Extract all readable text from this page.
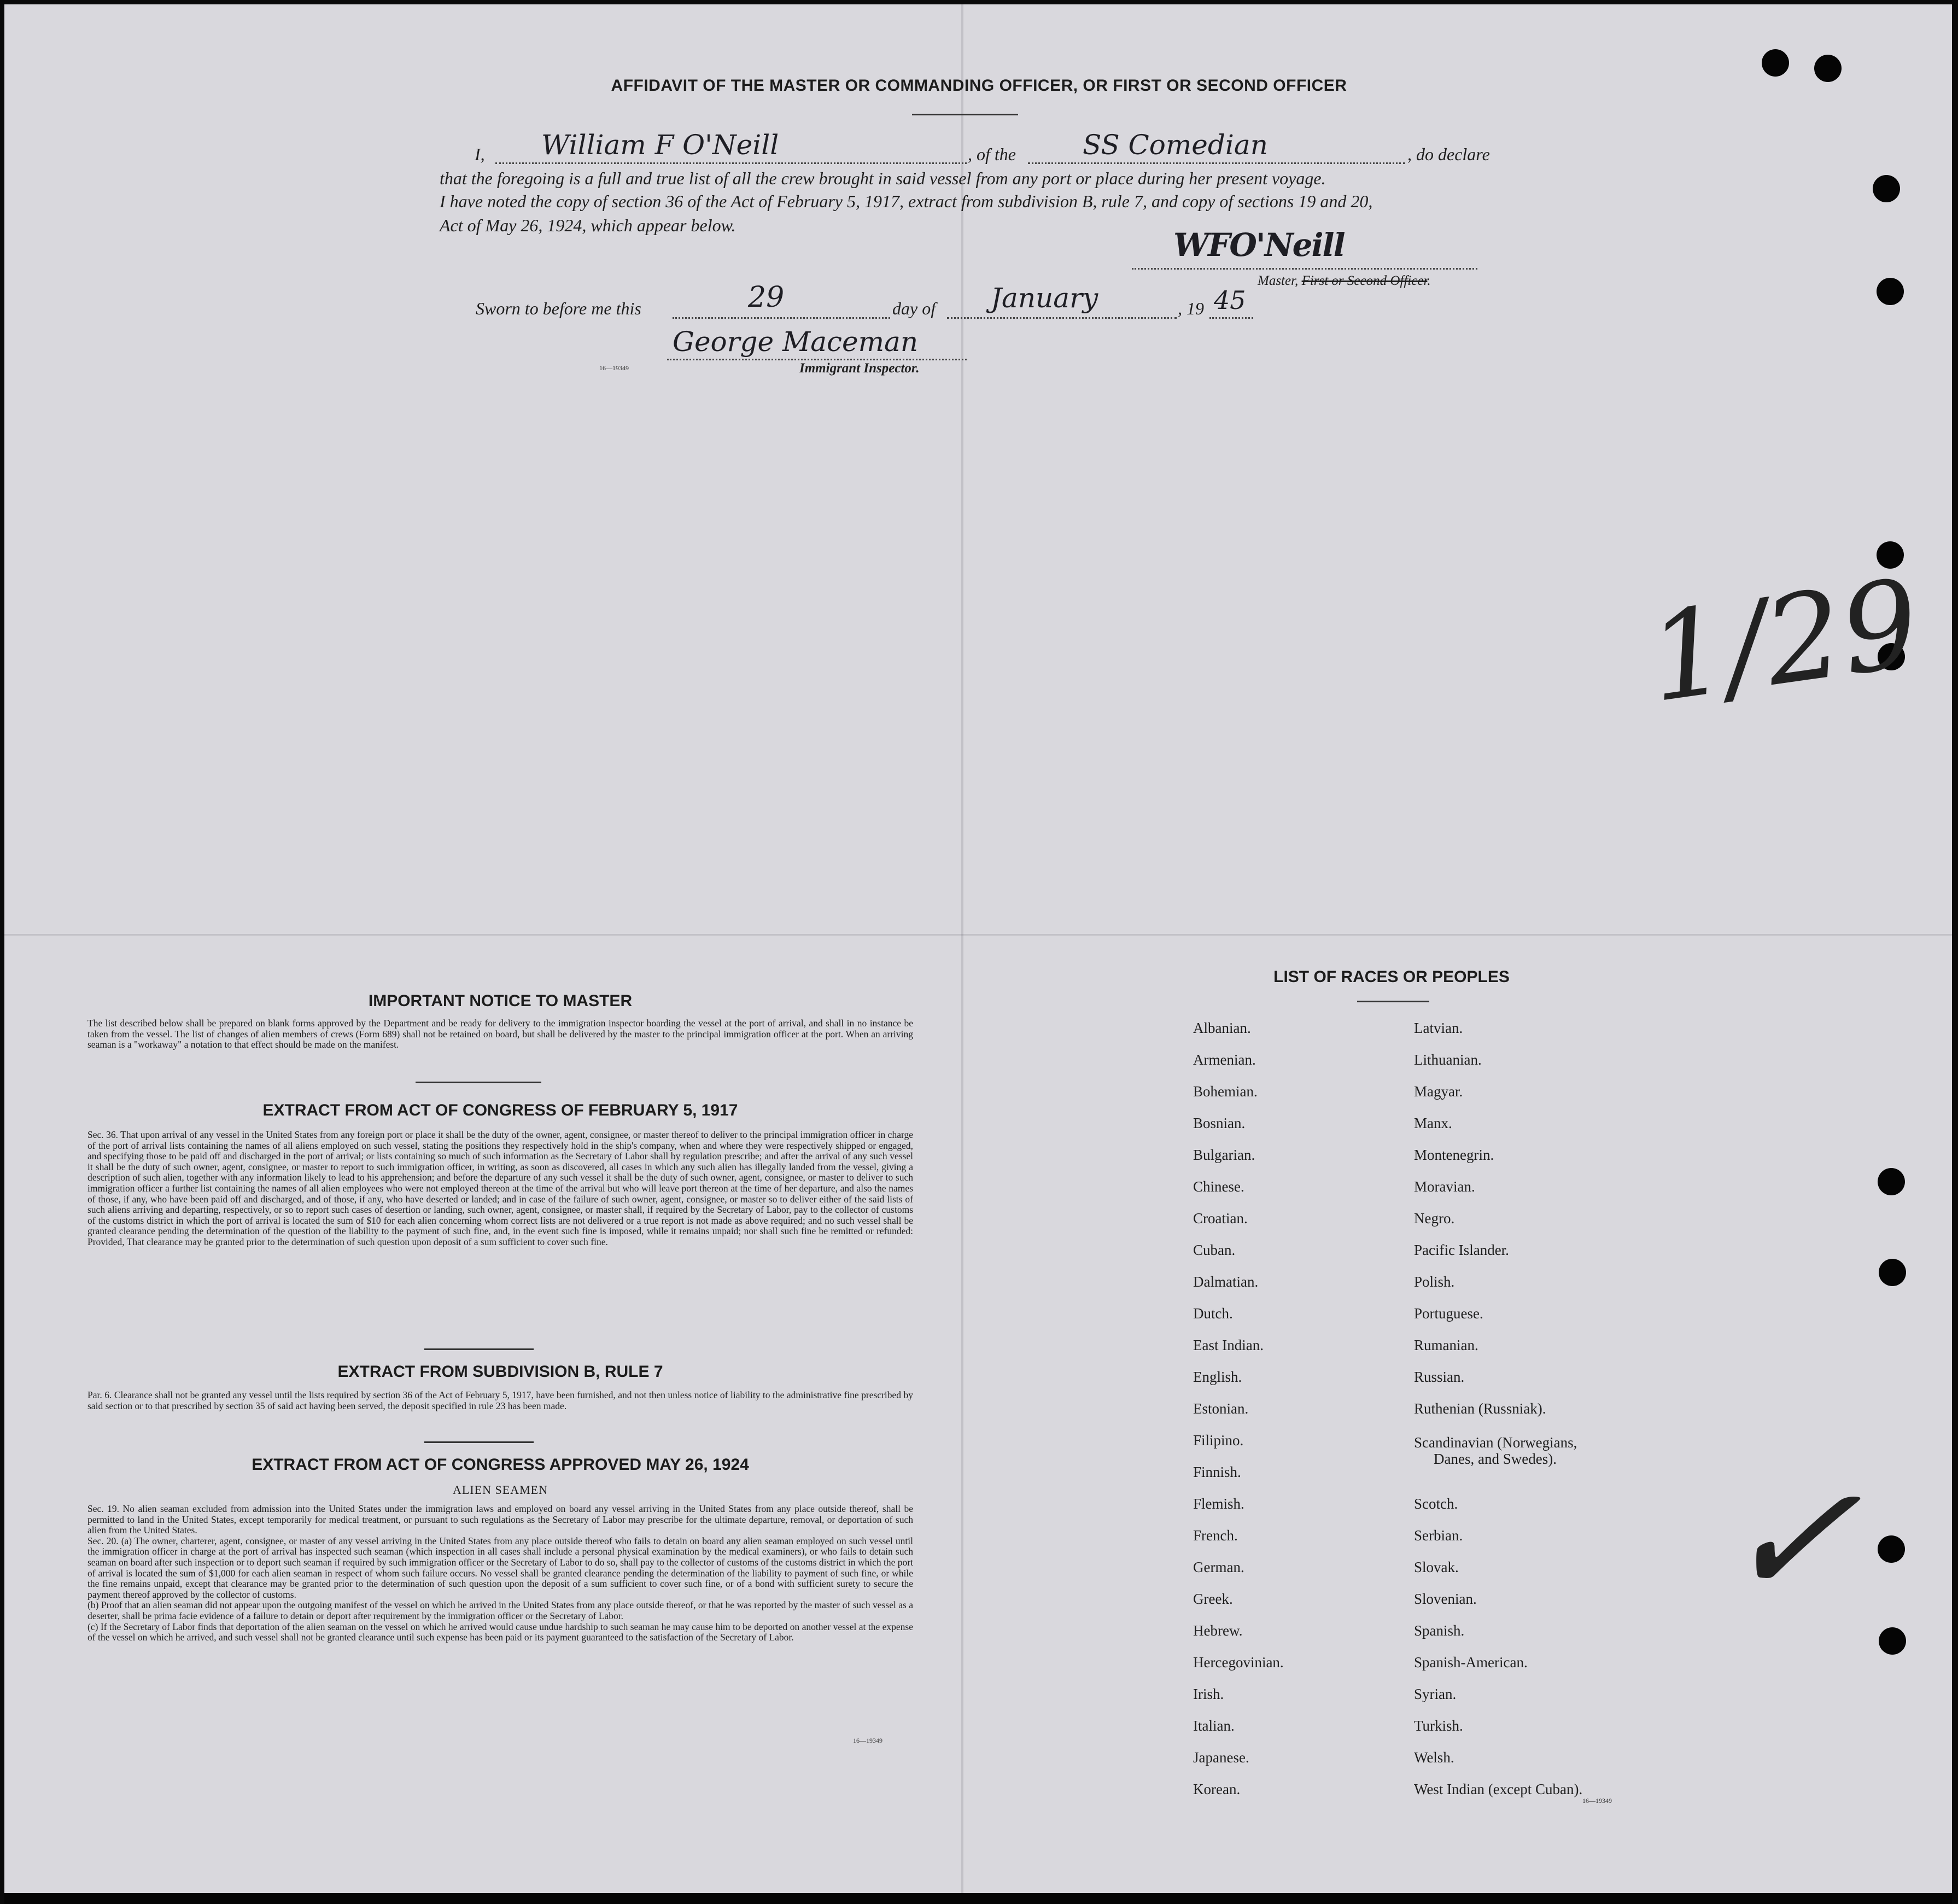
AFFIDAVIT OF THE MASTER OR COMMANDING OFFICER, OR FIRST OR SECOND OFFICER
I, William F O'Neill	, of the SS Comedian	, do declare
that the foregoing is a full and true list of all the crew brought in said vessel from any port or place during her present voyage.
I have noted the copy of section 36 of the Act of February 5, 1917, extract from subdivision B, rule 7, and copy of sections 19 and 20,
Act of May 26, 1924, which appear below.
WFO'Neill
Master, First or Second Officer.
Sworn to before me this	29	day of January	, 19 45
George Maceman
16—19349	Immigrant Inspector.
1/29
✓
IMPORTANT NOTICE TO MASTER
The list described below shall be prepared on blank forms approved by the Department and be ready for delivery to the immigration inspector boarding the vessel at the port of arrival, and shall in no instance be taken from the vessel. The list of changes of alien members of crews (Form 689) shall not be retained on board, but shall be delivered by the master to the principal immigration officer at the port. When an arriving seaman is a "workaway" a notation to that effect should be made on the manifest.
EXTRACT FROM ACT OF CONGRESS OF FEBRUARY 5, 1917
Sec. 36. That upon arrival of any vessel in the United States from any foreign port or place it shall be the duty of the owner, agent, consignee, or master thereof to deliver to the principal immigration officer in charge of the port of arrival lists containing the names of all aliens employed on such vessel, stating the positions they respectively hold in the ship's company, when and where they were respectively shipped or engaged, and specifying those to be paid off and discharged in the port of arrival; or lists containing so much of such information as the Secretary of Labor shall by regulation prescribe; and after the arrival of any such vessel it shall be the duty of such owner, agent, consignee, or master to report to such immigration officer, in writing, as soon as discovered, all cases in which any such alien has illegally landed from the vessel, giving a description of such alien, together with any information likely to lead to his apprehension; and before the departure of any such vessel it shall be the duty of such owner, agent, consignee, or master to deliver to such immigration officer a further list containing the names of all alien employees who were not employed thereon at the time of the arrival but who will leave port thereon at the time of her departure, and also the names of those, if any, who have been paid off and discharged, and of those, if any, who have deserted or landed; and in case of the failure of such owner, agent, consignee, or master so to deliver either of the said lists of such aliens arriving and departing, respectively, or so to report such cases of desertion or landing, such owner, agent, consignee, or master shall, if required by the Secretary of Labor, pay to the collector of customs of the customs district in which the port of arrival is located the sum of $10 for each alien concerning whom correct lists are not delivered or a true report is not made as above required; and no such vessel shall be granted clearance pending the determination of the question of the liability to the payment of such fine, and, in the event such fine is imposed, while it remains unpaid; nor shall such fine be remitted or refunded: Provided, That clearance may be granted prior to the determination of such question upon deposit of a sum sufficient to cover such fine.
EXTRACT FROM SUBDIVISION B, RULE 7
Par. 6. Clearance shall not be granted any vessel until the lists required by section 36 of the Act of February 5, 1917, have been furnished, and not then unless notice of liability to the administrative fine prescribed by said section or to that prescribed by section 35 of said act having been served, the deposit specified in rule 23 has been made.
EXTRACT FROM ACT OF CONGRESS APPROVED MAY 26, 1924
ALIEN SEAMEN
Sec. 19. No alien seaman excluded from admission into the United States under the immigration laws and employed on board any vessel arriving in the United States from any place outside thereof, shall be permitted to land in the United States, except temporarily for medical treatment, or pursuant to such regulations as the Secretary of Labor may prescribe for the ultimate departure, removal, or deportation of such alien from the United States.
Sec. 20. (a) The owner, charterer, agent, consignee, or master of any vessel arriving in the United States from any place outside thereof who fails to detain on board any alien seaman employed on such vessel until the immigration officer in charge at the port of arrival has inspected such seaman (which inspection in all cases shall include a personal physical examination by the medical examiners), or who fails to detain such seaman on board after such inspection or to deport such seaman if required by such immigration officer or the Secretary of Labor to do so, shall pay to the collector of customs of the customs district in which the port of arrival is located the sum of $1,000 for each alien seaman in respect of whom such failure occurs. No vessel shall be granted clearance pending the determination of the liability to payment of such fine, or while the fine remains unpaid, except that clearance may be granted prior to the determination of such question upon the deposit of a sum sufficient to cover such fine, or of a bond with sufficient surety to secure the payment thereof approved by the collector of customs.
(b) Proof that an alien seaman did not appear upon the outgoing manifest of the vessel on which he arrived in the United States from any place outside thereof, or that he was reported by the master of such vessel as a deserter, shall be prima facie evidence of a failure to detain or deport after requirement by the immigration officer or the Secretary of Labor.
(c) If the Secretary of Labor finds that deportation of the alien seaman on the vessel on which he arrived would cause undue hardship to such seaman he may cause him to be deported on another vessel at the expense of the vessel on which he arrived, and such vessel shall not be granted clearance until such expense has been paid or its payment guaranteed to the satisfaction of the Secretary of Labor.
16—19349
LIST OF RACES OR PEOPLES
Albanian.
Armenian.
Bohemian.
Bosnian.
Bulgarian.
Chinese.
Croatian.
Cuban.
Dalmatian.
Dutch.
East Indian.
English.
Estonian.
Filipino.
Finnish.
Flemish.
French.
German.
Greek.
Hebrew.
Hercegovinian.
Irish.
Italian.
Japanese.
Korean.
Latvian.
Lithuanian.
Magyar.
Manx.
Montenegrin.
Moravian.
Negro.
Pacific Islander.
Polish.
Portuguese.
Rumanian.
Russian.
Ruthenian (Russniak).
Scandinavian (Norwegians,
Danes, and Swedes).
Scotch.
Serbian.
Slovak.
Slovenian.
Spanish.
Spanish-American.
Syrian.
Turkish.
Welsh.
West Indian (except Cuban).
16—19349
